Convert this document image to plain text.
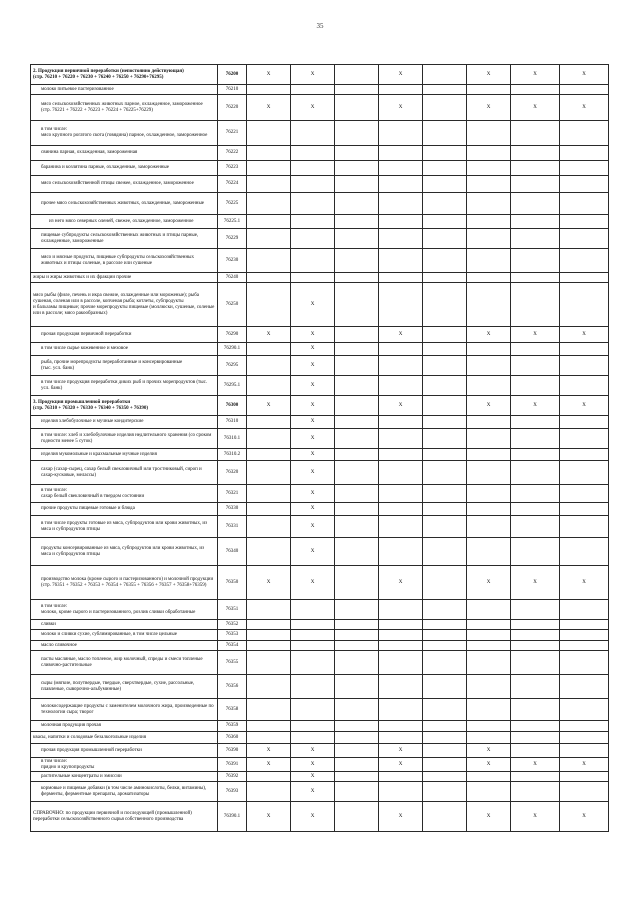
35
2. Продукция первичной переработки (непостоянно действующая)
(стр. 76210 + 76220 + 76230 + 76240 + 76250 + 76290+76295)	76200	X	X		X		X	X	X
молоко питьевое пастеризованное	76210								
мясо сельскохозяйственных животных парное, охлажденное, замороженное
(стр. 76221 + 76222 + 76223 + 76224 + 76225+76229)	76220	X	X		X		X	X	X
в том числе:
мясо крупного рогатого скота (говядина) парное, охлажденное, замороженное	76221								
свинина парная, охлажденная, замороженная	76222								
баранина и козлятина парные, охлажденные, замороженные	76223								
мясо сельскохозяйственной птицы свежее, охлажденное, замороженное	76224								
прочее мясо сельскохозяйственных животных, охлажденные, замороженные	76225								
из него мясо северных оленей, свежее, охлажденное, замороженное	76225.1								
пищевые субпродукты сельскохозяйственных животных и птицы парные, охлажденные, замороженные	76229								
мясо и мясные продукты, пищевые субпродукты сельскохозяйственных животных и птицы соленые, в рассоле или сушеные	76230								
жиры и жиры животных и их фракции прочие	76240								
мясо рыбы (филе, печень и икра свежие, охлажденные или мороженые); рыба сушеная, соленая или в рассоле, копченая рыба; котлеты, субпродукты
и бальзамы пищевые; прочие морепродукты пищевые (моллюски, сушеные, соленые или в рассоле; мясо ракообразных)	76250		X						
прочая продукция первичной переработки	76290	X	X		X		X	X	X
в том числе сырье кожевенное и меховое	76290.1		X						
рыба, прочие морепродукты переработанные и консервированные
(тыс. усл. банк)	76295		X						
в том числе продукция переработки диких рыб и прочих морепродуктов (тыс. усл. банк)	76295.1		X						
3. Продукция промышленной переработки
(стр. 76310 + 76320 + 76330 + 76340 + 76350 + 76390)	76300	X	X		X		X	X	X
изделия хлебобулочные и мучные кондитерские	76310		X						
в том числе: хлеб и хлебобулочные изделия недлительного хранения (со сроком годности менее 5 суток)	76310.1		X						
изделия мукомольные и крахмальные мучные изделия	76310.2		X						
сахар (сахар-сырец, сахар белый свекловичный или тростниковый, сироп и сахар-кусковые, мелассы)	76320		X						
в том числе:
сахар белый свекловичный в твердом состоянии	76321		X						
прочие продукты пищевые готовые и блюда	76330		X						
в том числе продукты готовые из мяса, субпродуктов или крови животных, из мяса и субпродуктов птицы	76331		X						
продукты консервированные из мяса, субпродуктов или крови животных, из мяса и субпродуктов птицы	76340		X						
производство молока (кроме сырого и пастеризованного) и молочной продукции (стр. 76351 + 76352 + 76353 + 76354 + 76355 + 76356 + 76357 + 76358+76359)	76350	X	X		X		X	X	X
в том числе:
молоко, кроме сырого и пастеризованного, розлив сливки обработанные	76351								
сливки	76352								
молоко и сливки сухие, сублимированные, в том числе цельные	76353								
масло сливочное	76354								
пасты масляные, масло топленое, жир молочный, спреды и смеси топленые сливочно-растительные	76355								
сыры (мягкие, полутвердые, твердые, сверхтвердые, сухие, рассольные, плавленые, сыворочно-альбуминные)	76356								
молокосодержащие продукты с заменителем молочного жира, произведенные по технологии сыра; творог	76358								
молочная продукция прочая	76359								
квасы, напитки и солодовые безалкогольные изделия	76360								
прочая продукция промышленной переработки	76390	X	X		X		X		
в том числе:
прядно и крупопродукты	76391	X	X		X		X	X	X
растительные концентраты и эмиссии	76392		X						
кормовые и пищевые добавки (в том числе аминокислоты, белки, витамины), ферменты, ферментные препараты, ароматизаторы	76393		X						
СПРАВОЧНО: по продукции первичной и последующей (промышленной) переработки сельскохозяйственного сырья собственного производства	76390.1	X	X		X		X	X	X
